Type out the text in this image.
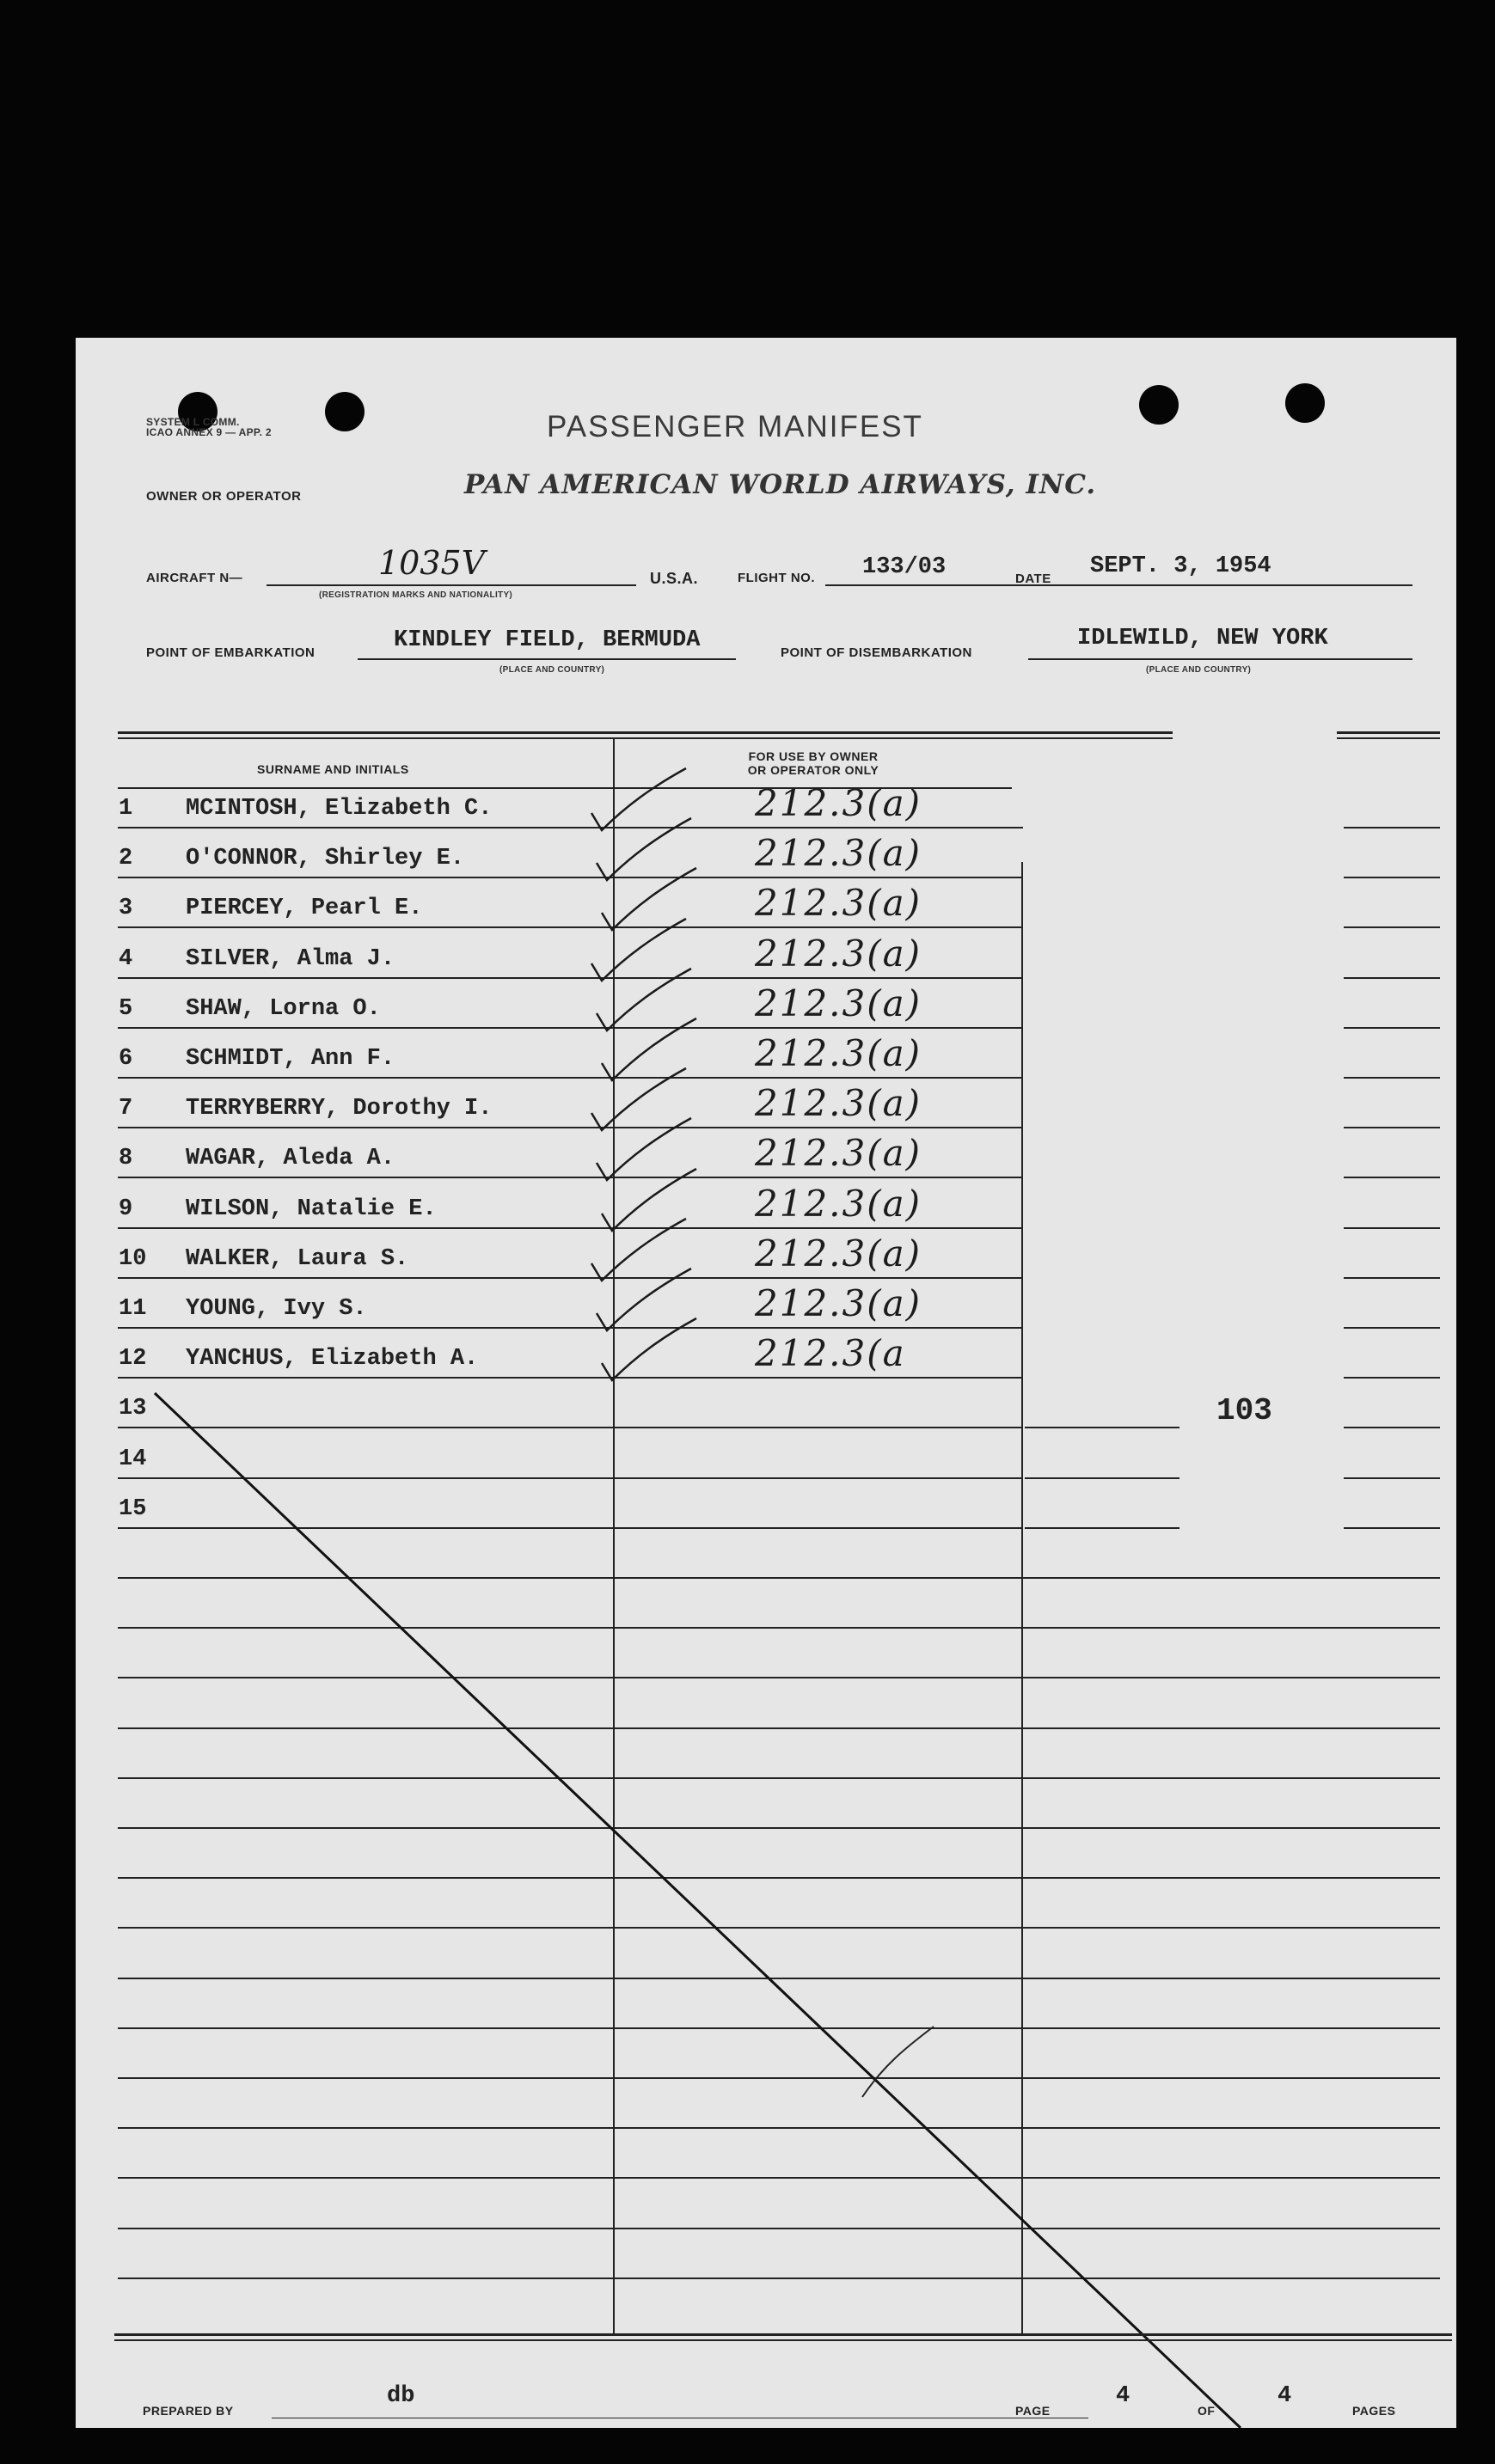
SYSTEM L COMM.
ICAO ANNEX 9 — APP. 2	PASSENGER MANIFEST
OWNER OR OPERATOR	PAN AMERICAN WORLD AIRWAYS, INC.
AIRCRAFT N—	1035V
(REGISTRATION MARKS AND NATIONALITY)
U.S.A.	FLIGHT NO. 133/03	DATE SEPT. 3, 1954
POINT OF EMBARKATION	KINDLEY FIELD, BERMUDA
(PLACE AND COUNTRY)
POINT OF DISEMBARKATION
IDLEWILD, NEW YORK
(PLACE AND COUNTRY)
SURNAME AND INITIALS
FOR USE BY OWNER
OR OPERATOR ONLY
1 MCINTOSH, Elizabeth C.	212.3(a)
2 O'CONNOR, Shirley E.	212.3(a)
3 PIERCEY, Pearl E.	212.3(a)
4 SILVER, Alma J.	212.3(a)
5 SHAW, Lorna O.	212.3(a)
6 SCHMIDT, Ann F.	212.3(a)
7 TERRYBERRY, Dorothy I.	212.3(a)
8 WAGAR, Aleda A.	212.3(a)
9 WILSON, Natalie E.	212.3(a)
10 WALKER, Laura S.	212.3(a)
11 YOUNG, Ivy S.	212.3(a)
12 YANCHUS, Elizabeth A.	212.3(a
13
14
15
103
PREPARED BY
db
PAGE
4
OF
4
PAGES
